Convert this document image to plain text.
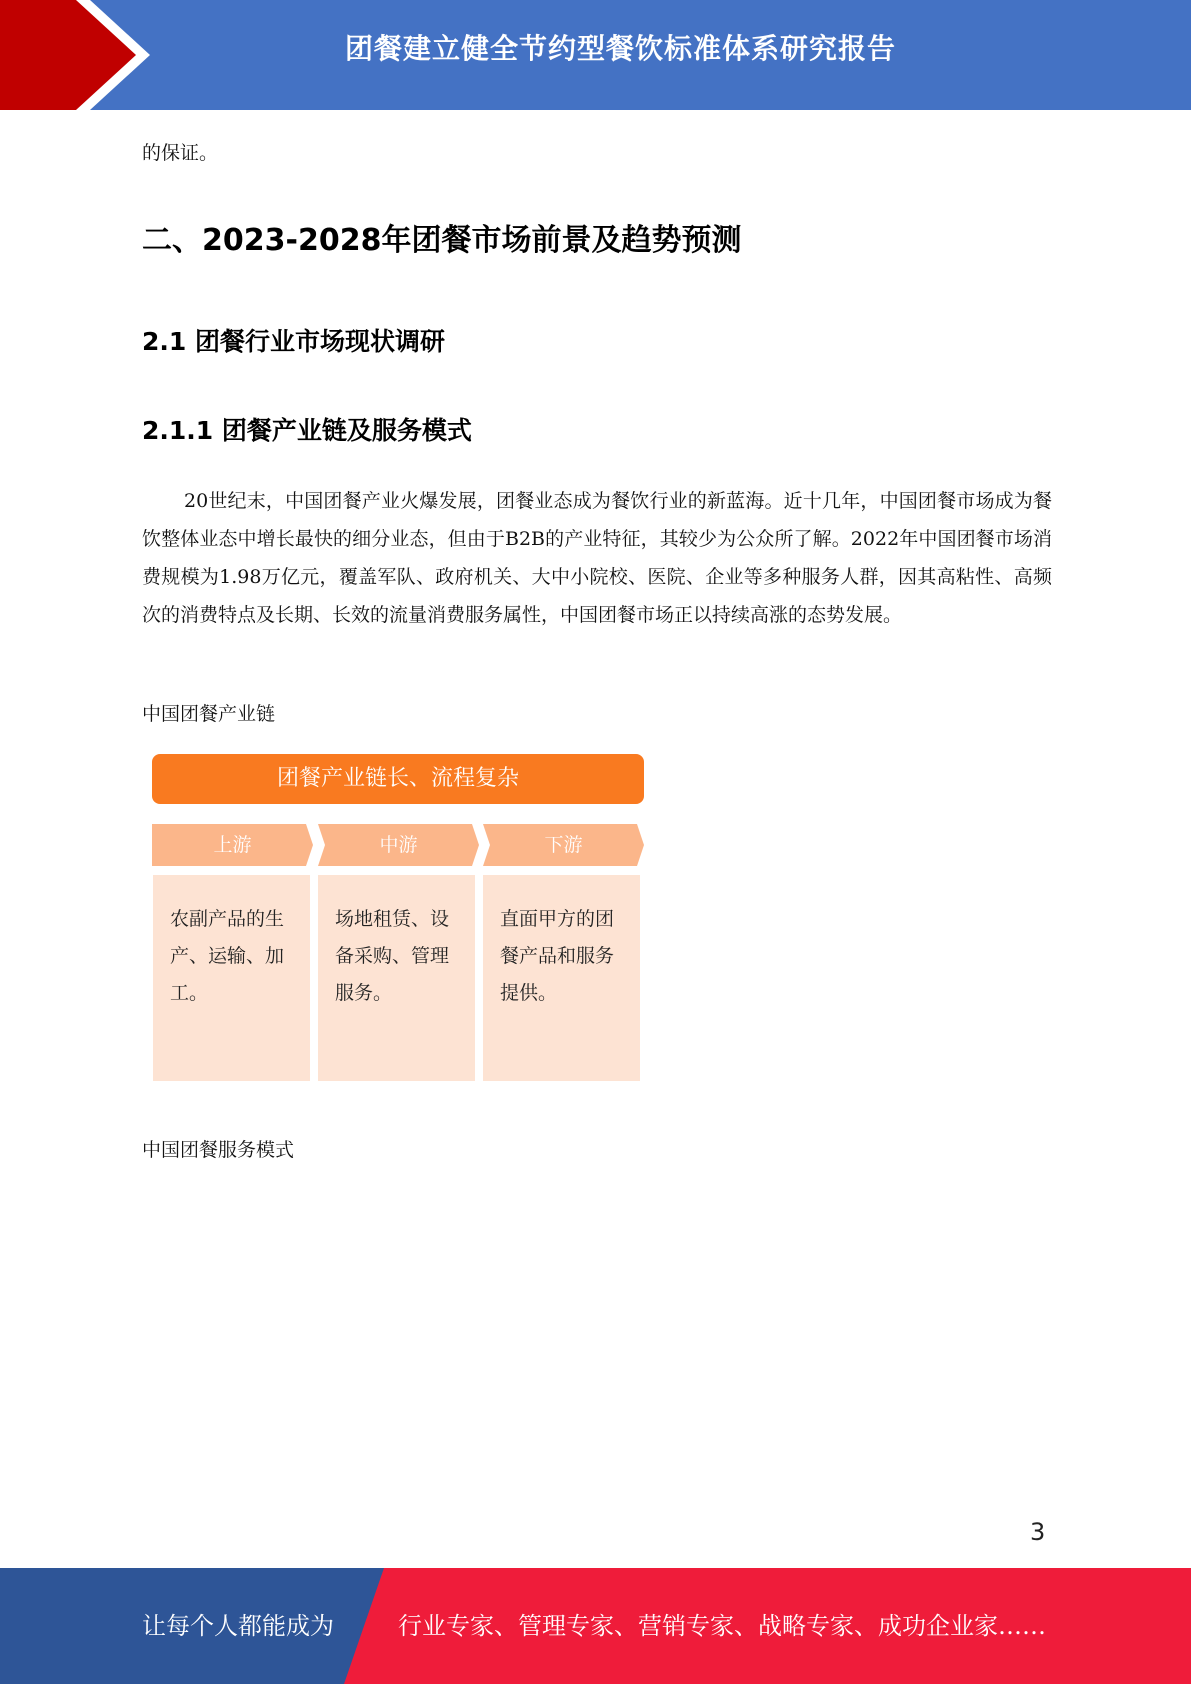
团餐建立健全节约型餐饮标准体系研究报告
的保证。
二、2023-2028年团餐市场前景及趋势预测
2.1 团餐行业市场现状调研
2.1.1 团餐产业链及服务模式
20世纪末，中国团餐产业火爆发展，团餐业态成为餐饮行业的新蓝海。近十几年，中国团餐市场成为餐饮整体业态中增长最快的细分业态，但由于B2B的产业特征，其较少为公众所了解。2022年中国团餐市场消费规模为1.98万亿元，覆盖军队、政府机关、大中小院校、医院、企业等多种服务人群，因其高粘性、高频次的消费特点及长期、长效的流量消费服务属性，中国团餐市场正以持续高涨的态势发展。
中国团餐产业链
团餐产业链长、流程复杂
上游	中游	下游
农副产品的生产、运输、加工。
场地租赁、设备采购、管理服务。
直面甲方的团餐产品和服务提供。
中国团餐服务模式
3
让每个人都能成为	行业专家、管理专家、营销专家、战略专家、成功企业家……
